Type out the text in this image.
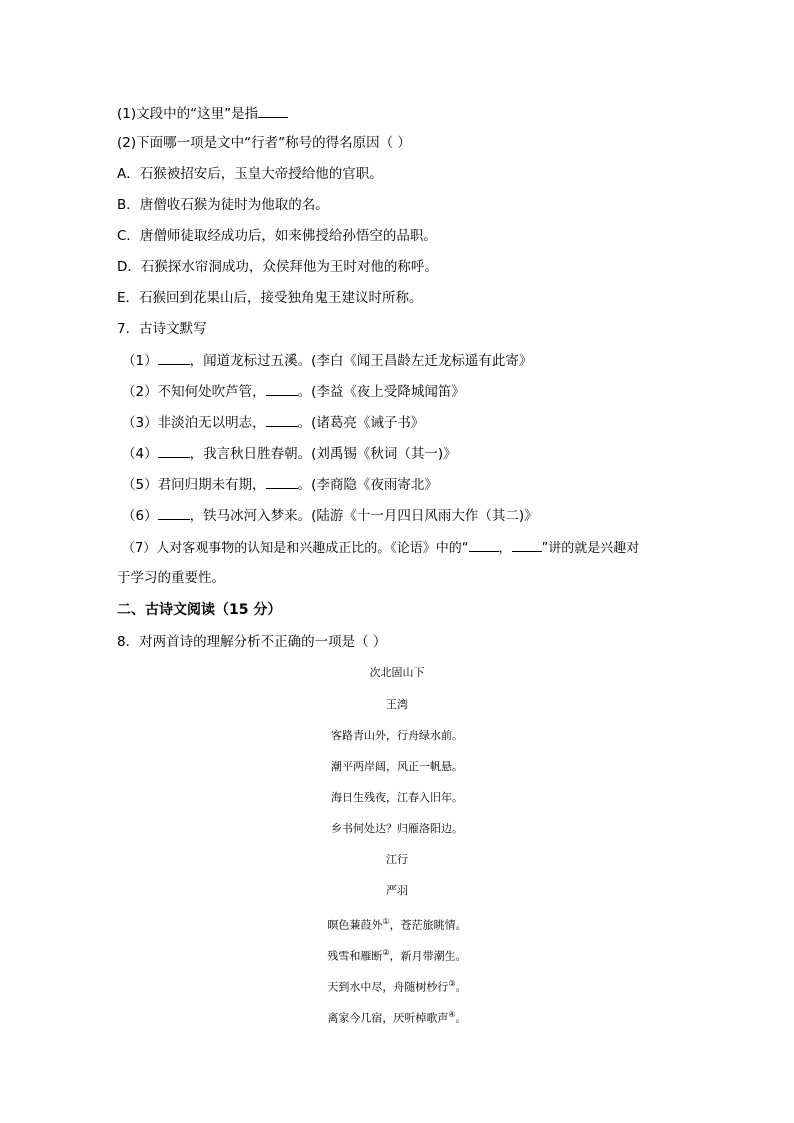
(1)文段中的“这里”是指
(2)下面哪一项是文中“行者”称号的得名原因（ ）
A．石猴被招安后，玉皇大帝授给他的官职。
B．唐僧收石猴为徒时为他取的名。
C．唐僧师徒取经成功后，如来佛授给孙悟空的品职。
D．石猴探水帘洞成功，众侯拜他为王时对他的称呼。
E．石猴回到花果山后，接受独角鬼王建议时所称。
7．古诗文默写
（1） ，闻道龙标过五溪。(李白《闻王昌龄左迁龙标遥有此寄》
（2）不知何处吹芦管， 。(李益《夜上受降城闻笛》
（3）非淡泊无以明志， 。(诸葛亮《诫子书》
（4） ，我言秋日胜春朝。(刘禹锡《秋词（其一)》
（5）君问归期未有期， 。(李商隐《夜雨寄北》
（6） ，铁马冰河入梦来。(陆游《十一月四日风雨大作（其二)》
（7）人对客观事物的认知是和兴趣成正比的。《论语》中的“ ， ”讲的就是兴趣对
于学习的重要性。
二、古诗文阅读（15 分）
8．对两首诗的理解分析不正确的一项是（ ）
次北固山下
王湾
客路青山外，行舟绿水前。
潮平两岸阔，风正一帆悬。
海日生残夜，江春入旧年。
乡书何处达？归雁洛阳边。
江行
严羽
暝色蒹葭外①，苍茫旅眺情。
残雪和雁断②，新月带潮生。
天到水中尽，舟随树杪行③。
离家今几宿，厌听棹歌声④。
